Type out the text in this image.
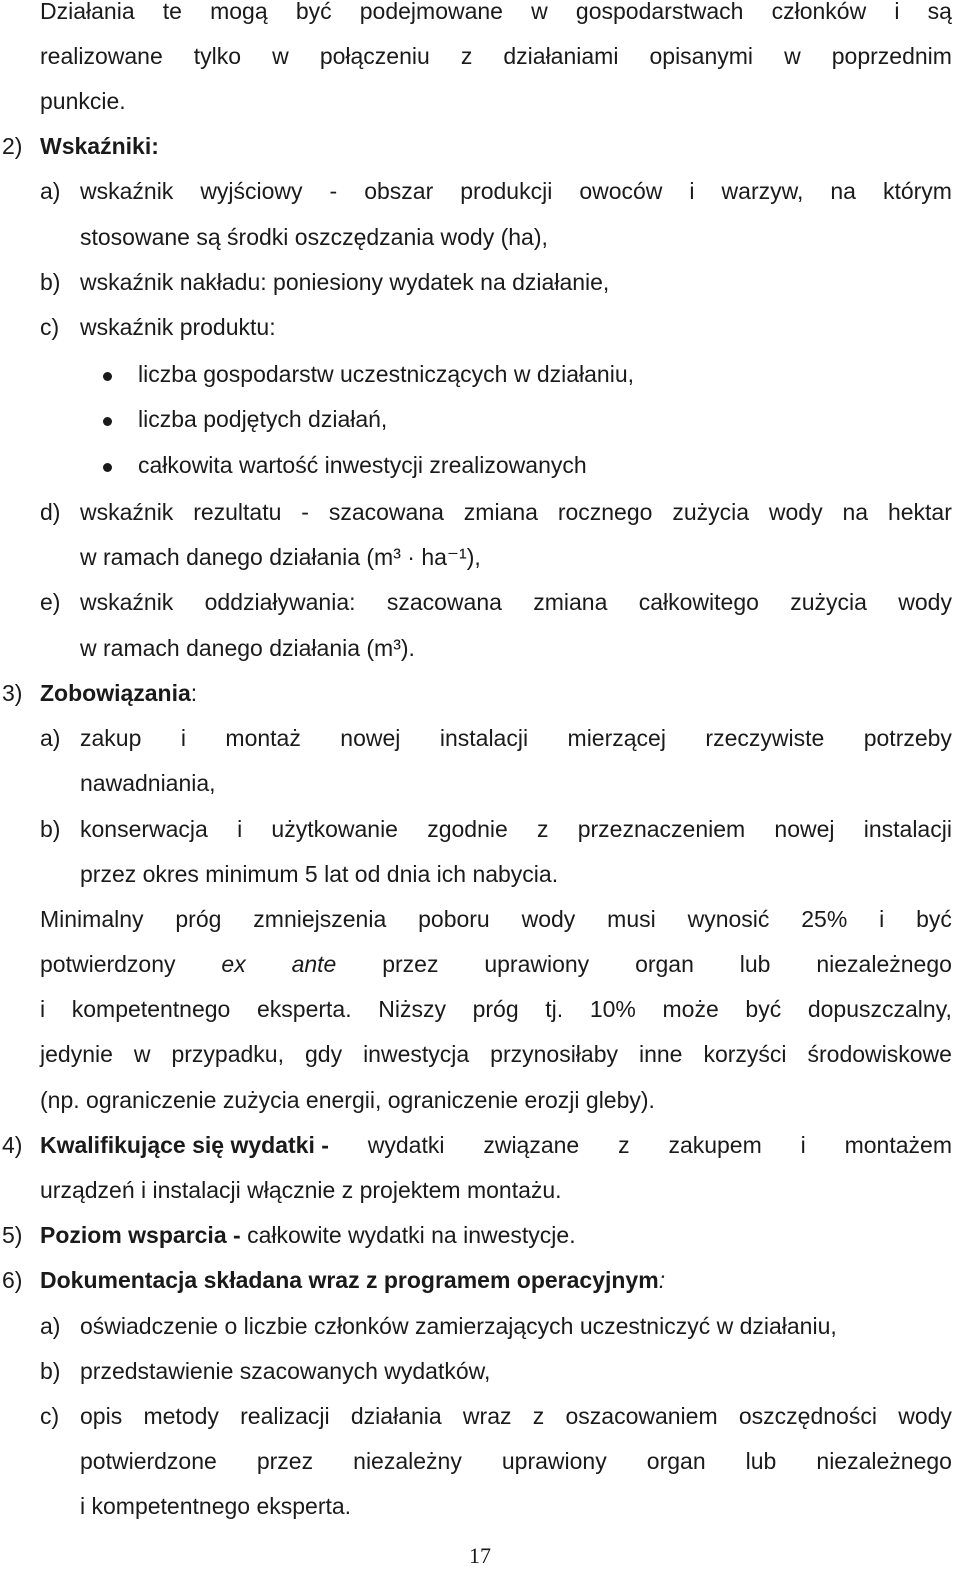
Działania te mogą być podejmowane w gospodarstwach członków i są
realizowane tylko w połączeniu z działaniami opisanymi w poprzednim
punkcie.
2) Wskaźniki:
a) wskaźnik wyjściowy - obszar produkcji owoców i warzyw, na którym
stosowane są środki oszczędzania wody (ha),
b) wskaźnik nakładu: poniesiony wydatek na działanie,
c) wskaźnik produktu:
liczba gospodarstw uczestniczących w działaniu,
liczba podjętych działań,
całkowita wartość inwestycji zrealizowanych
d) wskaźnik rezultatu - szacowana zmiana rocznego zużycia wody na hektar
w ramach danego działania (m³ · ha⁻¹),
e) wskaźnik oddziaływania: szacowana zmiana całkowitego zużycia wody
w ramach danego działania (m³).
3) Zobowiązania:
a) zakup i montaż nowej instalacji mierzącej rzeczywiste potrzeby
nawadniania,
b) konserwacja i użytkowanie zgodnie z przeznaczeniem nowej instalacji
przez okres minimum 5 lat od dnia ich nabycia.
Minimalny próg zmniejszenia poboru wody musi wynosić 25% i być
potwierdzony ex ante przez uprawiony organ lub niezależnego
i kompetentnego eksperta. Niższy próg tj. 10% może być dopuszczalny,
jedynie w przypadku, gdy inwestycja przynosiłaby inne korzyści środowiskowe
(np. ograniczenie zużycia energii, ograniczenie erozji gleby).
4) Kwalifikujące się wydatki - wydatki związane z zakupem i montażem
urządzeń i instalacji włącznie z projektem montażu.
5) Poziom wsparcia - całkowite wydatki na inwestycje.
6) Dokumentacja składana wraz z programem operacyjnym:
a) oświadczenie o liczbie członków zamierzających uczestniczyć w działaniu,
b) przedstawienie szacowanych wydatków,
c) opis metody realizacji działania wraz z oszacowaniem oszczędności wody
potwierdzone przez niezależny uprawiony organ lub niezależnego
i kompetentnego eksperta.
17
